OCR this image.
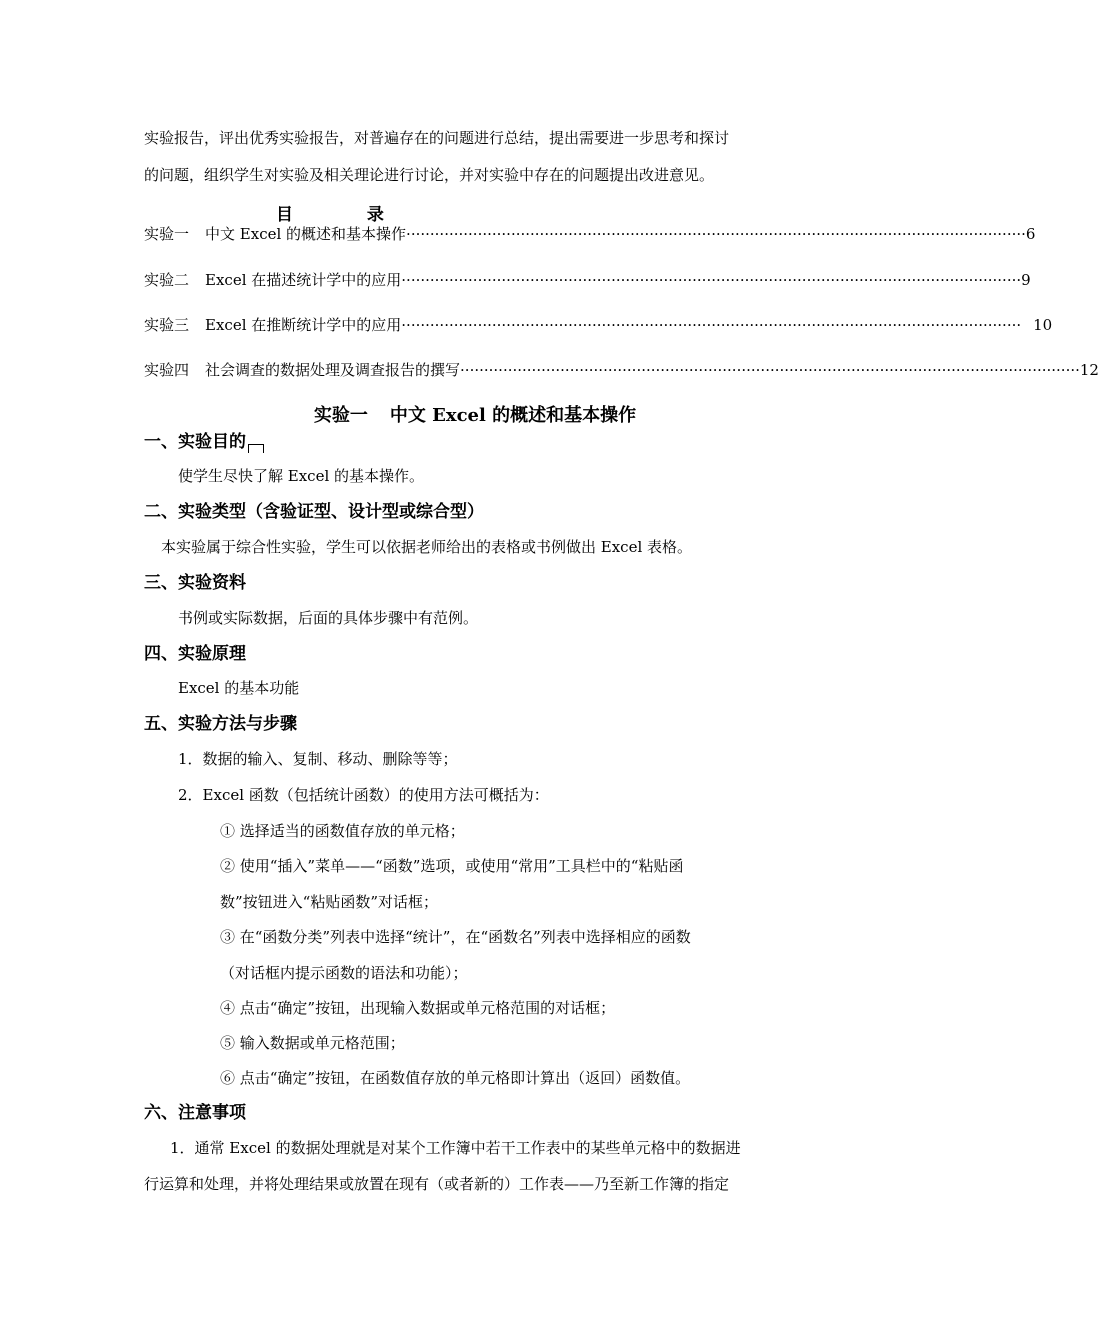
实验报告，评出优秀实验报告，对普遍存在的问题进行总结，提出需要进一步思考和探讨
的问题，组织学生对实验及相关理论进行讨论，并对实验中存在的问题提出改进意见。
目	录
实验一 中文 Excel 的概述和基本操作 ·································································································································· 6
实验二 Excel 在描述统计学中的应用 ·································································································································· 9
实验三 Excel 在推断统计学中的应用 ·································································································································· 10
实验四 社会调查的数据处理及调查报告的撰写 ·································································································································· 12
实验一 中文 Excel 的概述和基本操作
一、实验目的
使学生尽快了解 Excel 的基本操作。
二、实验类型（含验证型、设计型或综合型）
本实验属于综合性实验，学生可以依据老师给出的表格或书例做出 Excel 表格。
三、实验资料
书例或实际数据，后面的具体步骤中有范例。
四、实验原理
Excel 的基本功能
五、实验方法与步骤
1．数据的输入、复制、移动、删除等等；
2．Excel 函数（包括统计函数）的使用方法可概括为：
① 选择适当的函数值存放的单元格；
② 使用“插入”菜单——“函数”选项，或使用“常用”工具栏中的“粘贴函
数”按钮进入“粘贴函数”对话框；
③ 在“函数分类”列表中选择“统计”，在“函数名”列表中选择相应的函数
（对话框内提示函数的语法和功能）；
④ 点击“确定”按钮，出现输入数据或单元格范围的对话框；
⑤ 输入数据或单元格范围；
⑥ 点击“确定”按钮，在函数值存放的单元格即计算出（返回）函数值。
六、注意事项
1．通常 Excel 的数据处理就是对某个工作簿中若干工作表中的某些单元格中的数据进
行运算和处理，并将处理结果或放置在现有（或者新的）工作表——乃至新工作簿的指定
